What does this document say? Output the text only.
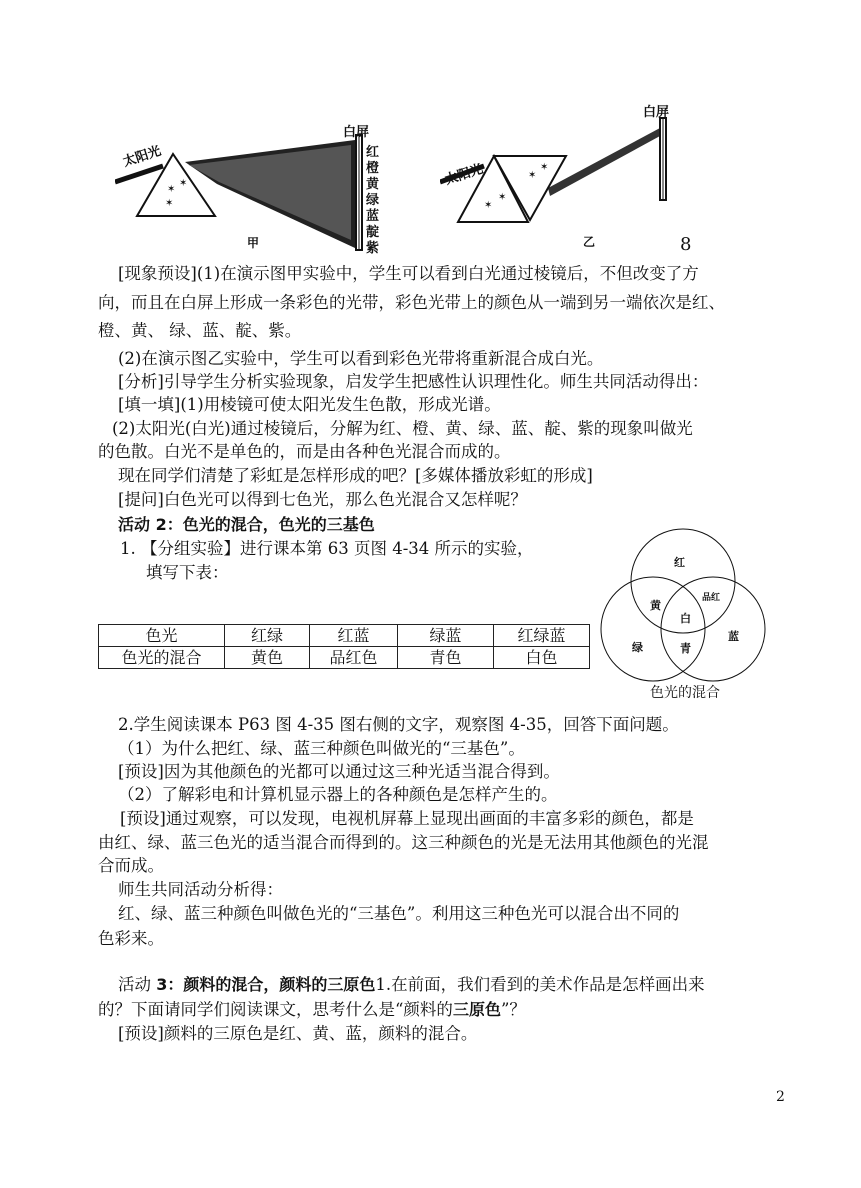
✶
✶
✶
太阳光
白屏
红
橙
黄
绿
蓝
靛
紫
甲
✶
✶
✶
✶
太阳光
白屏
乙	8
[现象预设](1)在演示图甲实验中，学生可以看到白光通过棱镜后，不但改变了方
向，而且在白屏上形成一条彩色的光带，彩色光带上的颜色从一端到另一端依次是红、
橙、黄、 绿、蓝、靛、紫。
(2)在演示图乙实验中，学生可以看到彩色光带将重新混合成白光。
[分析]引导学生分析实验现象，启发学生把感性认识理性化。师生共同活动得出：
[填一填](1)用棱镜可使太阳光发生色散，形成光谱。
(2)太阳光(白光)通过棱镜后，分解为红、橙、黄、绿、蓝、靛、紫的现象叫做光
的色散。白光不是单色的，而是由各种色光混合而成的。
现在同学们清楚了彩虹是怎样形成的吧？[多媒体播放彩虹的形成]
[提问]白色光可以得到七色光，那么色光混合又怎样呢？
活动 2：色光的混合，色光的三基色
1. 【分组实验】进行课本第 63 页图 4-34 所示的实验，
填写下表：
色光	红绿	红蓝	绿蓝	红绿蓝
色光的混合	黄色	品红色	青色	白色
红
黄
品红
白
绿	青
蓝
色光的混合
2.学生阅读课本 P63 图 4-35 图右侧的文字，观察图 4-35，回答下面问题。
（1）为什么把红、绿、蓝三种颜色叫做光的“三基色”。
[预设]因为其他颜色的光都可以通过这三种光适当混合得到。
（2）了解彩电和计算机显示器上的各种颜色是怎样产生的。
[预设]通过观察，可以发现，电视机屏幕上显现出画面的丰富多彩的颜色，都是
由红、绿、蓝三色光的适当混合而得到的。这三种颜色的光是无法用其他颜色的光混
合而成。
师生共同活动分析得：
红、绿、蓝三种颜色叫做色光的“三基色”。利用这三种色光可以混合出不同的
色彩来。
活动 3：颜料的混合，颜料的三原色1.在前面，我们看到的美术作品是怎样画出来
的？下面请同学们阅读课文，思考什么是“颜料的三原色”？
[预设]颜料的三原色是红、黄、蓝，颜料的混合。
2
